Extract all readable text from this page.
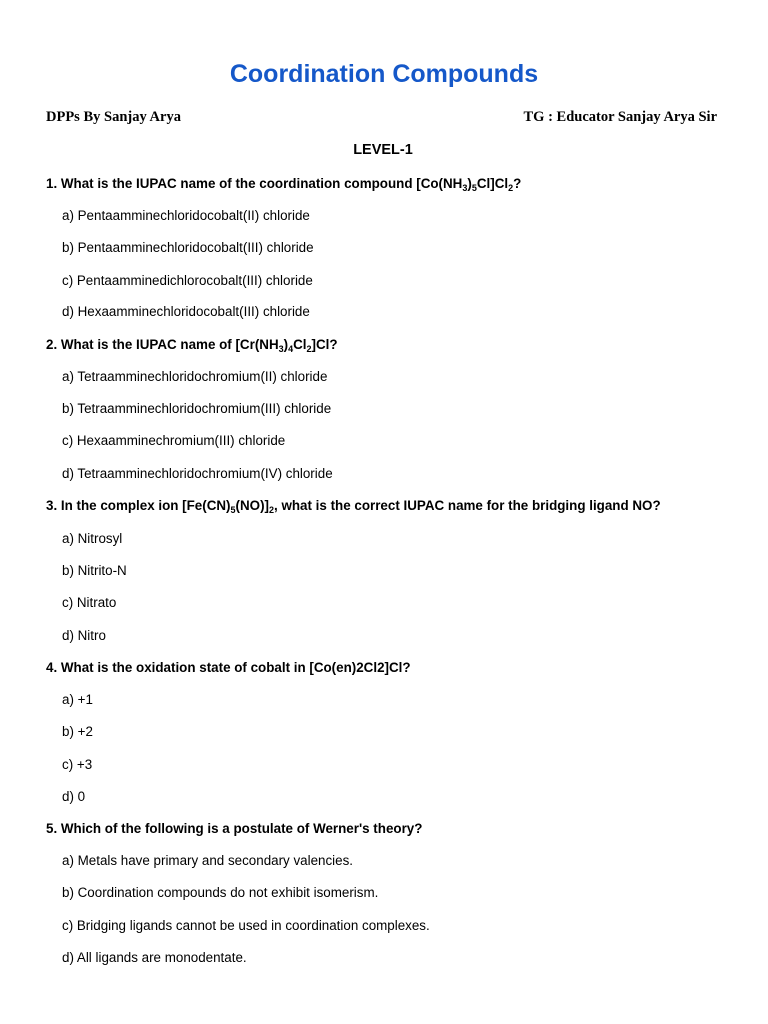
Coordination Compounds
DPPs By Sanjay Arya	TG : Educator Sanjay Arya Sir
LEVEL-1
1. What is the IUPAC name of the coordination compound $[Co(NH_3)_5Cl]Cl_2$?
a) Pentaamminechloridocobalt(II) chloride
b) Pentaamminechloridocobalt(III) chloride
c) Pentaamminedichlorocobalt(III) chloride
d) Hexaamminechloridocobalt(III) chloride
2. What is the IUPAC name of $[Cr(NH_3)_4Cl_2]Cl$?
a) Tetraamminechloridochromium(II) chloride
b) Tetraamminechloridochromium(III) chloride
c) Hexaamminechromium(III) chloride
d) Tetraamminechloridochromium(IV) chloride
3. In the complex ion $[Fe(CN)_5(NO)]_2$, what is the correct IUPAC name for the bridging ligand NO?
a) Nitrosyl
b) Nitrito-N
c) Nitrato
d) Nitro
4. What is the oxidation state of cobalt in [Co(en)2Cl2]Cl?
a) +1
b) +2
c) +3
d) 0
5. Which of the following is a postulate of Werner's theory?
a) Metals have primary and secondary valencies.
b) Coordination compounds do not exhibit isomerism.
c) Bridging ligands cannot be used in coordination complexes.
d) All ligands are monodentate.
